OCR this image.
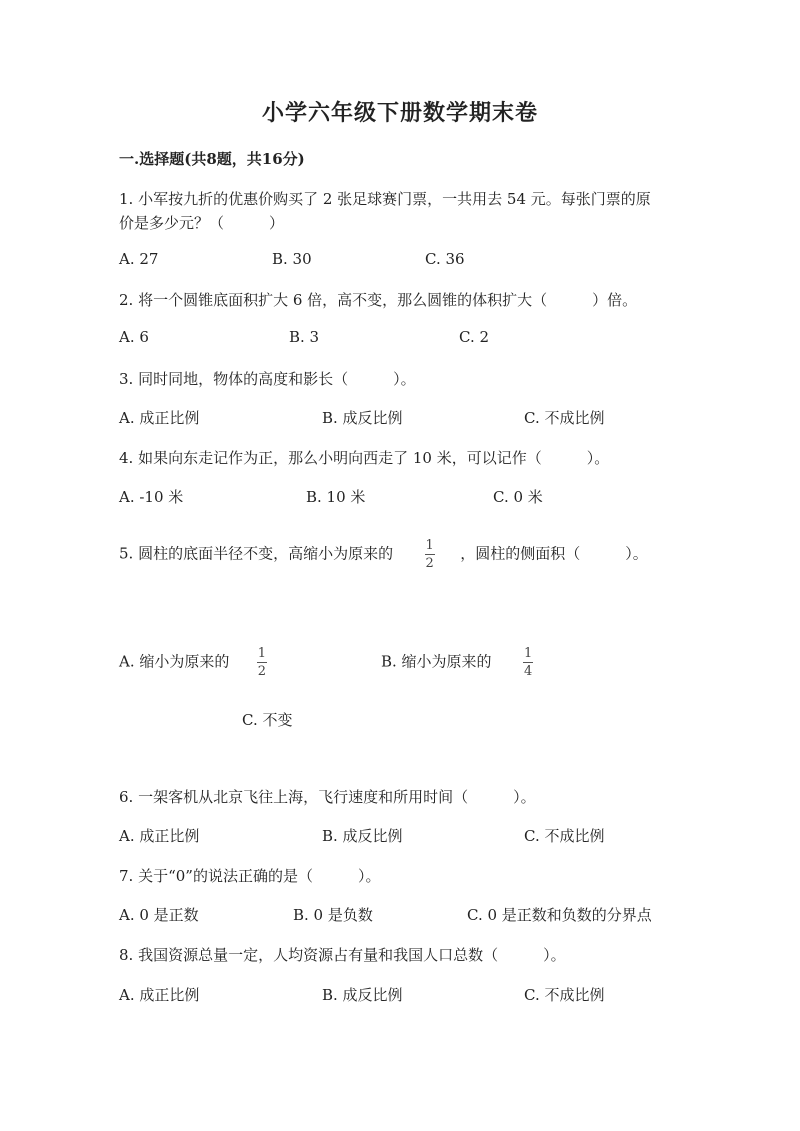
小学六年级下册数学期末卷
一.选择题(共8题，共16分)
1. 小军按九折的优惠价购买了 2 张足球赛门票，一共用去 54 元。每张门票的原
价是多少元？（　　　）
A. 27	B. 30	C. 36
2. 将一个圆锥底面积扩大 6 倍，高不变，那么圆锥的体积扩大（　　　）倍。
A. 6	B. 3	C. 2
3. 同时同地，物体的高度和影长（　　　）。
A. 成正比例	B. 成反比例	C. 不成比例
4. 如果向东走记作为正，那么小明向西走了 10 米，可以记作（　　　）。
A. -10 米	B. 10 米	C. 0 米
5. 圆柱的底面半径不变，高缩小为原来的 $\frac{1}{2}$ ，圆柱的侧面积（　　　）。
A. 缩小为原来的 $\frac{1}{2}$	B. 缩小为原来的 $\frac{1}{4}$
C. 不变
6. 一架客机从北京飞往上海，飞行速度和所用时间（　　　）。
A. 成正比例	B. 成反比例	C. 不成比例
7. 关于“0”的说法正确的是（　　　）。
A. 0 是正数	B. 0 是负数	C. 0 是正数和负数的分界点
8. 我国资源总量一定，人均资源占有量和我国人口总数（　　　）。
A. 成正比例	B. 成反比例	C. 不成比例
